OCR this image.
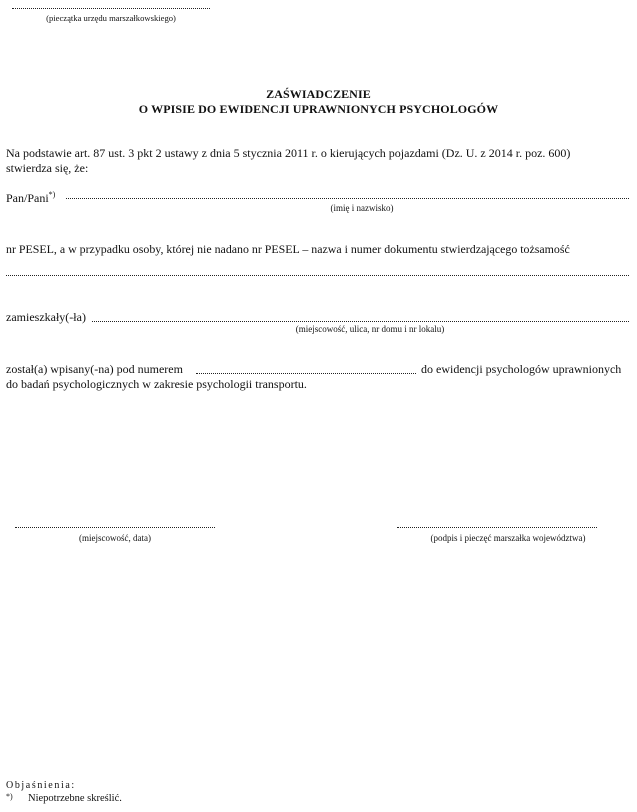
(pieczątka urzędu marszałkowskiego)
ZAŚWIADCZENIE
O WPISIE DO EWIDENCJI UPRAWNIONYCH PSYCHOLOGÓW
Na podstawie art. 87 ust. 3 pkt 2 ustawy z dnia 5 stycznia 2011 r. o kierujących pojazdami (Dz. U. z 2014 r. poz. 600)
stwierdza się, że:
Pan/Pani*)
(imię i nazwisko)
nr PESEL, a w przypadku osoby, której nie nadano nr PESEL – nazwa i numer dokumentu stwierdzającego tożsamość
zamieszkały(-ła)
(miejscowość, ulica, nr domu i nr lokalu)
został(a) wpisany(-na) pod numerem	do ewidencji psychologów uprawnionych
do badań psychologicznych w zakresie psychologii transportu.
(miejscowość, data)	(podpis i pieczęć marszałka województwa)
Objaśnienia:
*) Niepotrzebne skreślić.
